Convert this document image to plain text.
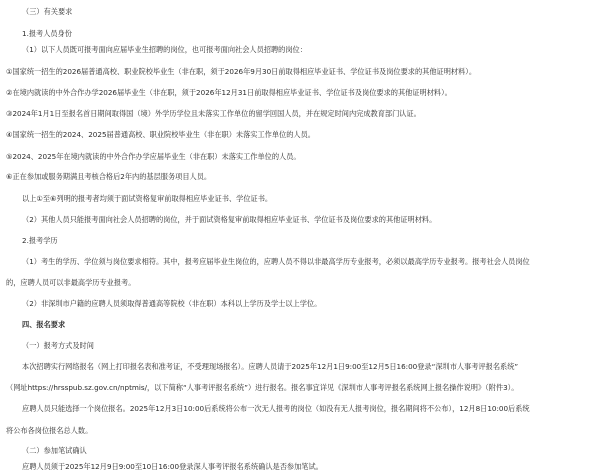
（三）有关要求
1.报考人员身份
（1）以下人员既可报考面向应届毕业生招聘的岗位，也可报考面向社会人员招聘的岗位：
①国家统一招生的2026届普通高校、职业院校毕业生（非在职，须于2026年9月30日前取得相应毕业证书、学位证书及岗位要求的其他证明材料）。
②在境内就读的中外合作办学2026届毕业生（非在职，须于2026年12月31日前取得相应毕业证书、学位证书及岗位要求的其他证明材料）。
③2024年1月1日至报名首日期间取得国（境）外学历学位且未落实工作单位的留学回国人员，并在规定时间内完成教育部门认证。
④国家统一招生的2024、2025届普通高校、职业院校毕业生（非在职）未落实工作单位的人员。
⑤2024、2025年在境内就读的中外合作办学应届毕业生（非在职）未落实工作单位的人员。
⑥正在参加或服务期满且考核合格后2年内的基层服务项目人员。
以上①至⑥列明的报考者均须于面试资格复审前取得相应毕业证书、学位证书。
（2）其他人员只能报考面向社会人员招聘的岗位，并于面试资格复审前取得相应毕业证书、学位证书及岗位要求的其他证明材料。
2.报考学历
（1）考生的学历、学位须与岗位要求相符。其中，报考应届毕业生岗位的，应聘人员不得以非最高学历专业报考，必须以最高学历专业报考。报考社会人员岗位
的，应聘人员可以非最高学历专业报考。
（2）非深圳市户籍的应聘人员须取得普通高等院校（非在职）本科以上学历及学士以上学位。
四、报名要求
（一）报考方式及时间
本次招聘实行网络报名（网上打印报名表和准考证，不受理现场报名）。应聘人员请于2025年12月1日9:00至12月5日16:00登录“深圳市人事考评报名系统”
（网址https://hrsspub.sz.gov.cn/nptmis/，以下简称“人事考评报名系统”）进行报名。报名事宜详见《深圳市人事考评报名系统网上报名操作说明》（附件3）。
应聘人员只能选择一个岗位报名。2025年12月3日10:00后系统将公布一次无人报考的岗位（如没有无人报考岗位，报名期间将不公布），12月8日10:00后系统
将公布各岗位报名总人数。
（二）参加笔试确认
应聘人员须于2025年12月9日9:00至10日16:00登录深人事考评报名系统确认是否参加笔试。
